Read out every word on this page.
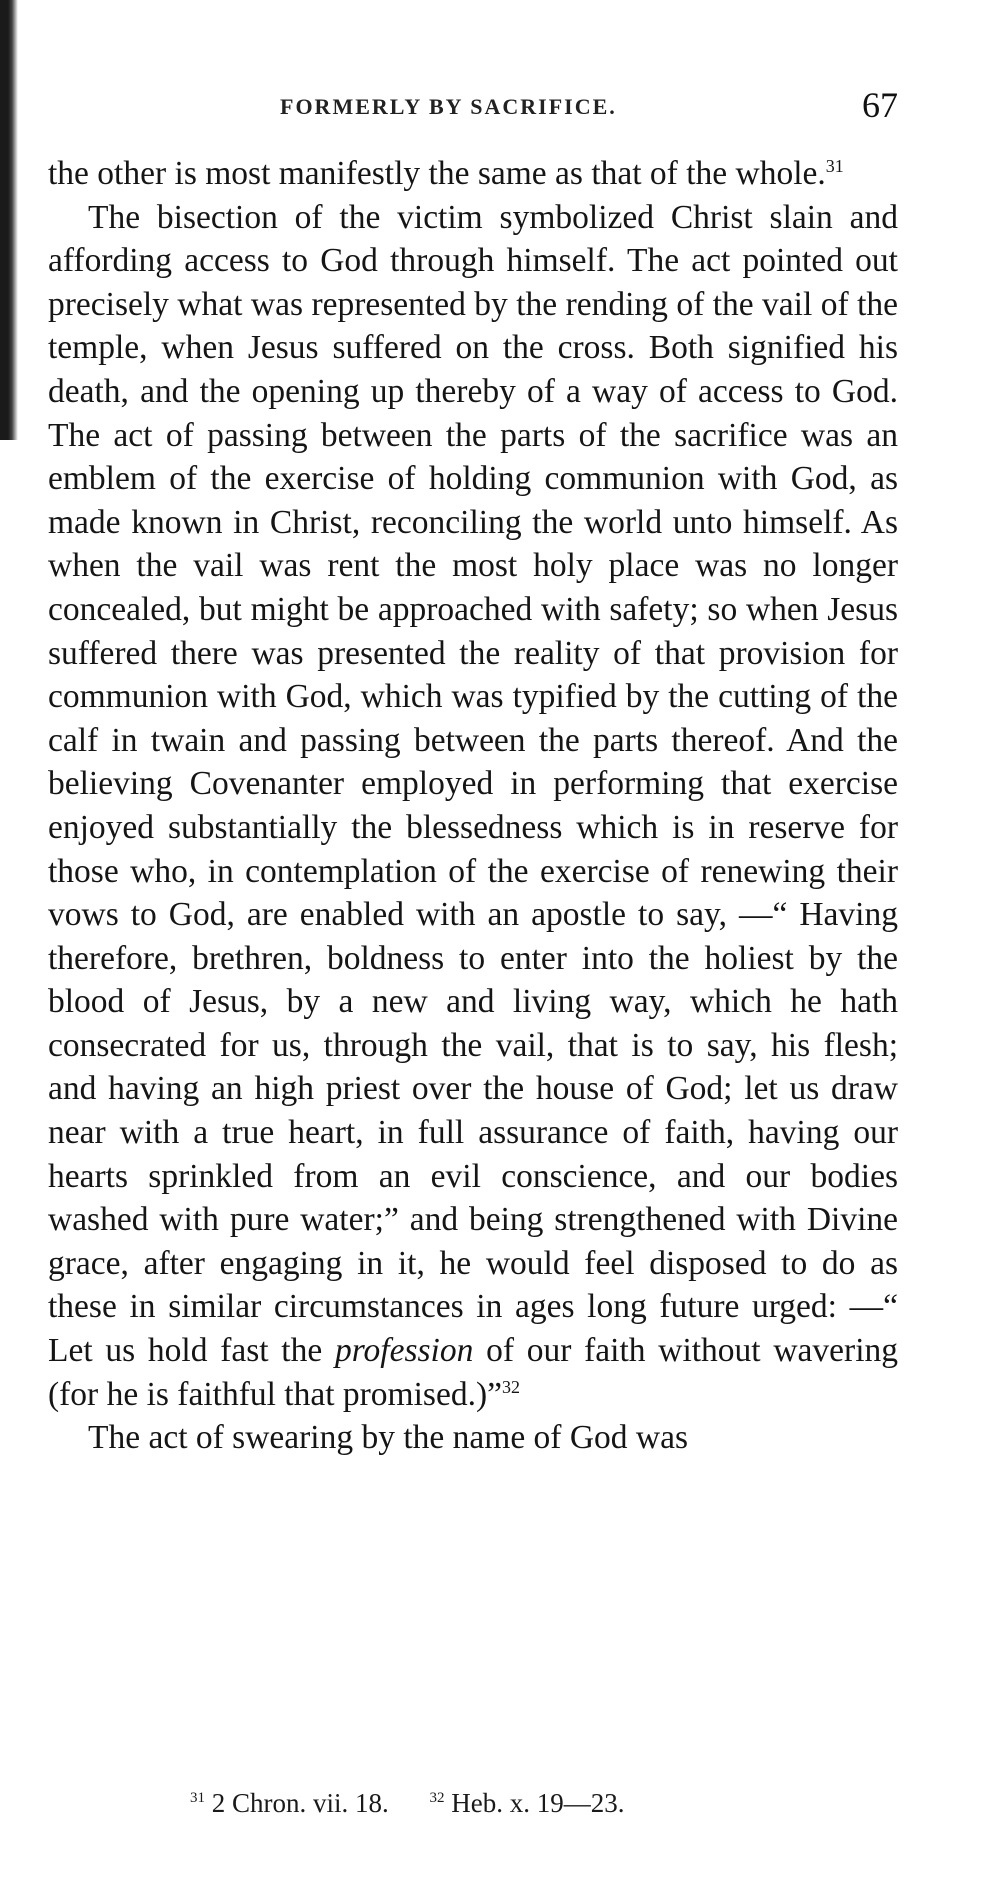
FORMERLY BY SACRIFICE.	67

the other is most manifestly the same as that of the whole.$^{31}$

The bisection of the victim symbolized Christ slain and affording access to God through himself. The act pointed out precisely what was represented by the rending of the vail of the temple, when Jesus suffered on the cross. Both signified his death, and the opening up thereby of a way of access to God. The act of passing between the parts of the sacrifice was an emblem of the exercise of holding communion with God, as made known in Christ, reconciling the world unto himself. As when the vail was rent the most holy place was no longer concealed, but might be approached with safety; so when Jesus suffered there was presented the reality of that provision for communion with God, which was typified by the cutting of the calf in twain and passing between the parts thereof. And the believing Covenanter employed in performing that exercise enjoyed substantially the blessedness which is in reserve for those who, in contemplation of the exercise of renewing their vows to God, are enabled with an apostle to say, —“ Having therefore, brethren, boldness to enter into the holiest by the blood of Jesus, by a new and living way, which he hath consecrated for us, through the vail, that is to say, his flesh; and having an high priest over the house of God; let us draw near with a true heart, in full assurance of faith, having our hearts sprinkled from an evil conscience, and our bodies washed with pure water;” and being strengthened with Divine grace, after engaging in it, he would feel disposed to do as these in similar circumstances in ages long future urged: —“ Let us hold fast the profession of our faith without wavering (for he is faithful that promised.)”$^{32}$

The act of swearing by the name of God was

$^{31}$ 2 Chron. vii. 18.	$^{32}$ Heb. x. 19—23.
